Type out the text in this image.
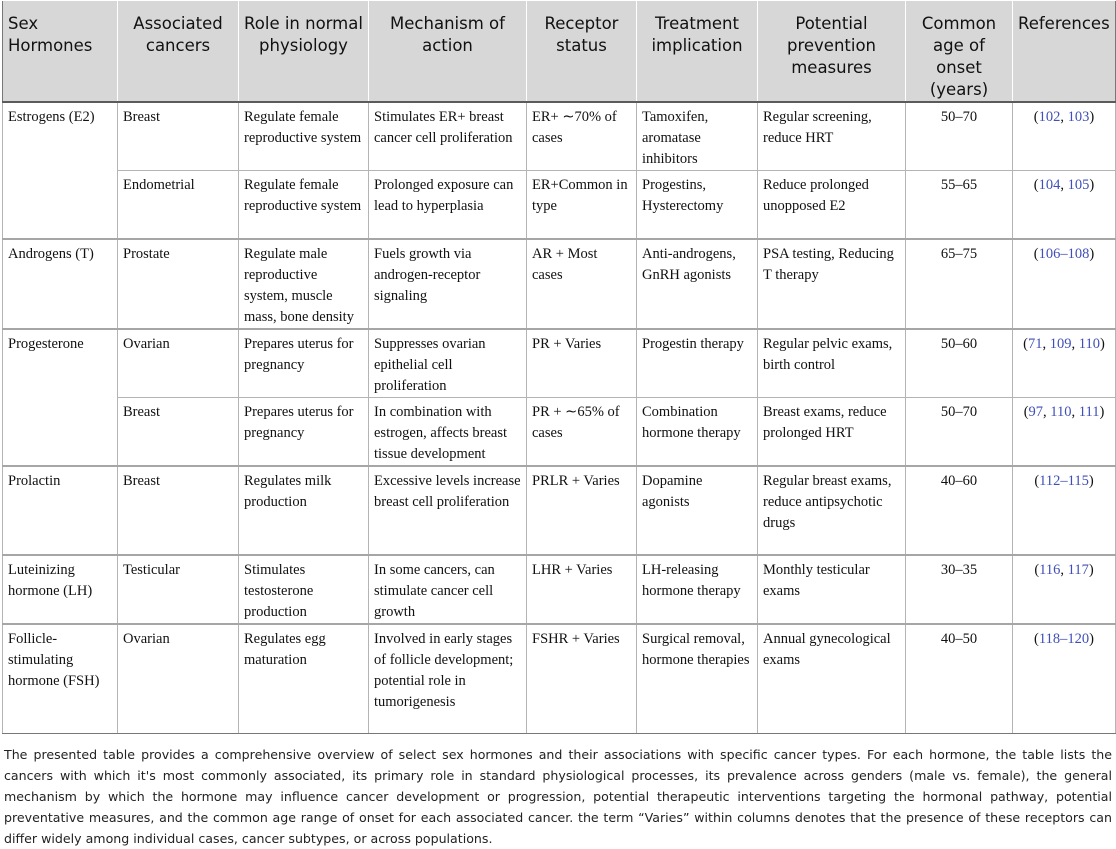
Sex Hormones	Associated cancers	Role in normal physiology	Mechanism of action	Receptor status	Treatment implication	Potential prevention measures	Common age of onset (years)	References
Estrogens (E2)	Breast	Regulate female reproductive system	Stimulates ER+ breast cancer cell proliferation	ER+ ∼70% of cases	Tamoxifen, aromatase inhibitors	Regular screening, reduce HRT	50–70	(102, 103)
	Endometrial	Regulate female reproductive system	Prolonged exposure can lead to hyperplasia	ER+Common in type	Progestins, Hysterectomy	Reduce prolonged unopposed E2	55–65	(104, 105)
Androgens (T)	Prostate	Regulate male reproductive system, muscle mass, bone density	Fuels growth via androgen-receptor signaling	AR + Most cases	Anti-androgens, GnRH agonists	PSA testing, Reducing T therapy	65–75	(106–108)
Progesterone	Ovarian	Prepares uterus for pregnancy	Suppresses ovarian epithelial cell proliferation	PR + Varies	Progestin therapy	Regular pelvic exams, birth control	50–60	(71, 109, 110)
	Breast	Prepares uterus for pregnancy	In combination with estrogen, affects breast tissue development	PR + ∼65% of cases	Combination hormone therapy	Breast exams, reduce prolonged HRT	50–70	(97, 110, 111)
Prolactin	Breast	Regulates milk production	Excessive levels increase breast cell proliferation	PRLR + Varies	Dopamine agonists	Regular breast exams, reduce antipsychotic drugs	40–60	(112–115)
Luteinizing hormone (LH)	Testicular	Stimulates testosterone production	In some cancers, can stimulate cancer cell growth	LHR + Varies	LH-releasing hormone therapy	Monthly testicular exams	30–35	(116, 117)
Follicle-stimulating hormone (FSH)	Ovarian	Regulates egg maturation	Involved in early stages of follicle development; potential role in tumorigenesis	FSHR + Varies	Surgical removal, hormone therapies	Annual gynecological exams	40–50	(118–120)

The presented table provides a comprehensive overview of select sex hormones and their associations with specific cancer types. For each hormone, the table lists the cancers with which it's most commonly associated, its primary role in standard physiological processes, its prevalence across genders (male vs. female), the general mechanism by which the hormone may influence cancer development or progression, potential therapeutic interventions targeting the hormonal pathway, potential preventative measures, and the common age range of onset for each associated cancer. the term “Varies” within columns denotes that the presence of these receptors can differ widely among individual cases, cancer subtypes, or across populations.
